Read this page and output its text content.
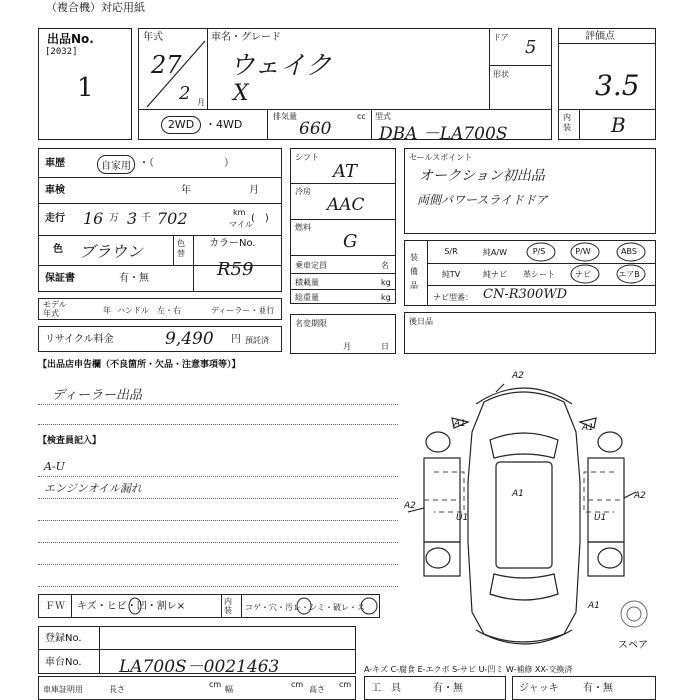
（複合機）対応用紙
出品No.
[2032]
1
年式
27
2 月
車名・グレード
ウェイク
X
ドア 5
形状
2WD ・4WD
排気量	cc
660
型式
DBA －LA700S
評価点
3.5
内装 B
車歴	自家用 ・（　　　　　　　）
車検	年	月
走行 16 万 3 千 702	km
マイル
(　)
色 ブラウン	色替
カラーNo.
R59
保証書	有・無
モデル年式	年 ハンドル 左・右	ディーラー・並行
リサイクル料金	9,490 円 預託済
シフト
AT
冷房
AAC
燃料
G
乗車定員	名
積載量	kg
総重量	kg
名変期限
月	日
セールスポイント
オークション初出品
両側パワースライドドア
装備品
S/R	純A/W	P/S	P/W	ABS
純TV	純ナビ	革シート	ナビ	エアB
ナビ型番： CN-R300WD
後日品
【出品店申告欄（不良箇所・欠品・注意事項等）】
ディーラー出品
【検査員記入】
A-U
エンジンオイル漏れ
ＦＷ キズ・ヒビ・凹・割レ×	内装	コゲ・穴・汚レ・シミ・破レ・ス
登録No.
車台No. LA700S－0021463
車庫証明用	長さ
cm
幅
cm
高さ
cm
A-キズ C-腐食 E-エクボ S-サビ U-凹ミ W-補修 XX-交換済
工　具	有・無	ジャッキ 有・無
スペア
A2
A1	A1
A2
U1
A2
U1
A1
A1
